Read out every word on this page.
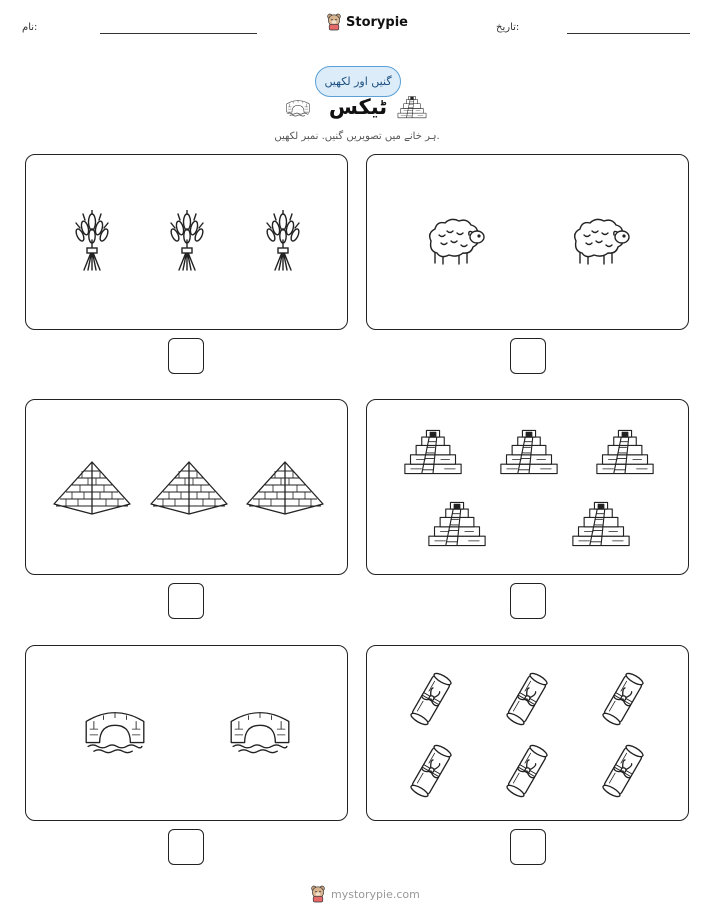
نام:	Storypie	تاریخ:
گنیں اور لکھیں
ٹیکس
ہر خانے میں تصویریں گنیں. نمبر لکھیں.
mystorypie.com
